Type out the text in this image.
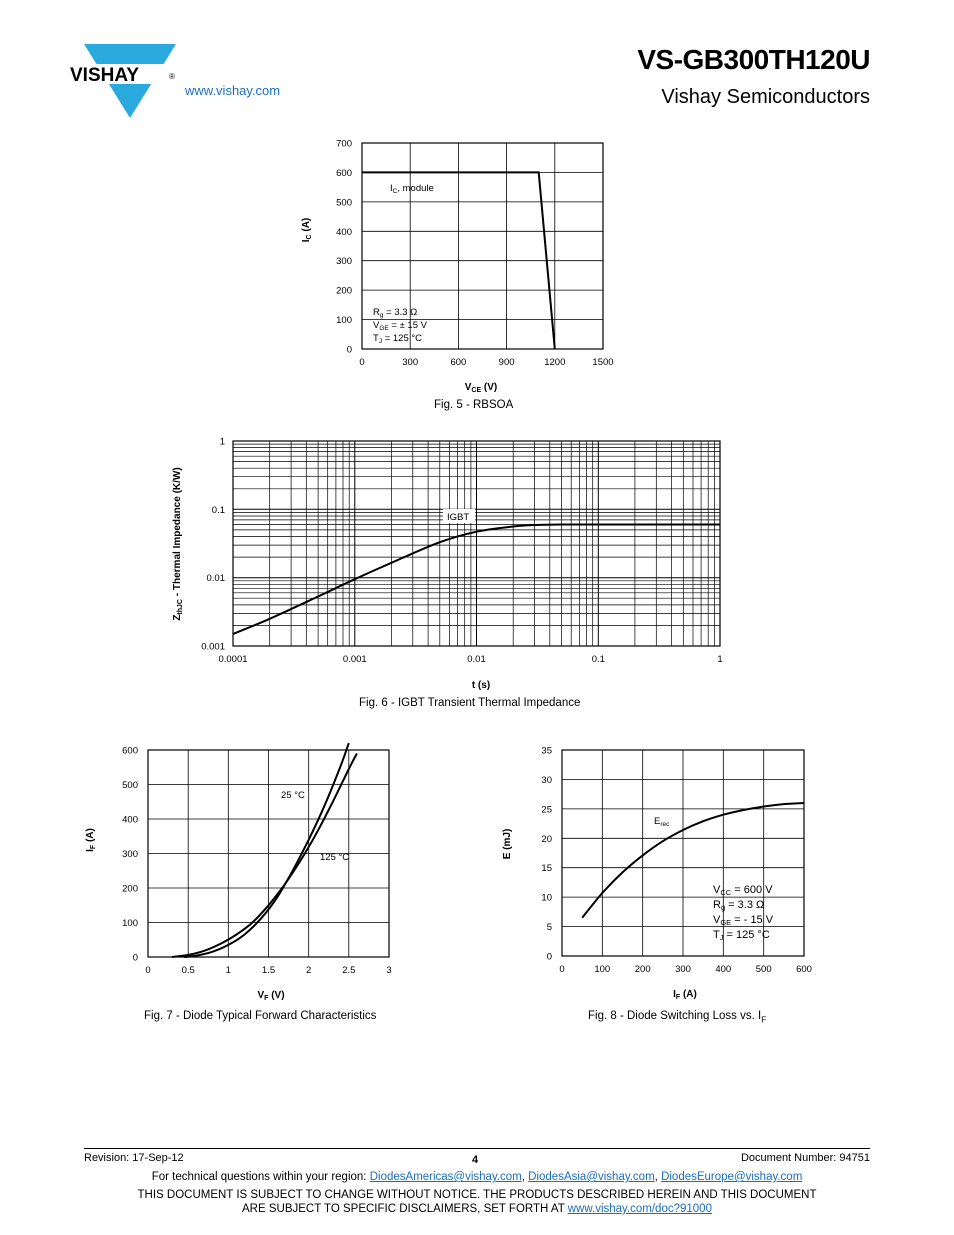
VISHAY	®
www.vishay.com
VS-GB300TH120U
Vishay Semiconductors
0	300	600	900	1200	1500
0
100
200
300
400
500
600
700
$I_C$, module
$R_g = 3.3$ Ω
$V_{GE}$ = ± 15 V
$T_J = 125$ °C
$I_C$ (A)
$V_{CE}$ (V)
Fig. 5 - RBSOA
0.0001	0.001	0.01	0.1	1
0.001
0.01
0.1
1
IGBT
$Z_{thJC}$ - Thermal Impedance (K/W)
t (s)
Fig. 6 - IGBT Transient Thermal Impedance
0	0.5	1	1.5	2	2.5	3
0
100
200
300
400
500
600
25 °C
125 °C
$I_F$ (A)
$V_F$ (V)
Fig. 7 - Diode Typical Forward Characteristics
0	100	200	300	400	500	600
0
5
10
15
20
25
30
35
$E_{rec}$
VCC = 600 V
Rg = 3.3 Ω
VGE = - 15 V
TJ = 125 °C
E (mJ)
$I_F$ (A)
Fig. 8 - Diode Switching Loss vs. $I_F$
Revision: 17-Sep-12	4	Document Number: 94751
For technical questions within your region: DiodesAmericas@vishay.com, DiodesAsia@vishay.com, DiodesEurope@vishay.com
THIS DOCUMENT IS SUBJECT TO CHANGE WITHOUT NOTICE. THE PRODUCTS DESCRIBED HEREIN AND THIS DOCUMENT
ARE SUBJECT TO SPECIFIC DISCLAIMERS, SET FORTH AT www.vishay.com/doc?91000
